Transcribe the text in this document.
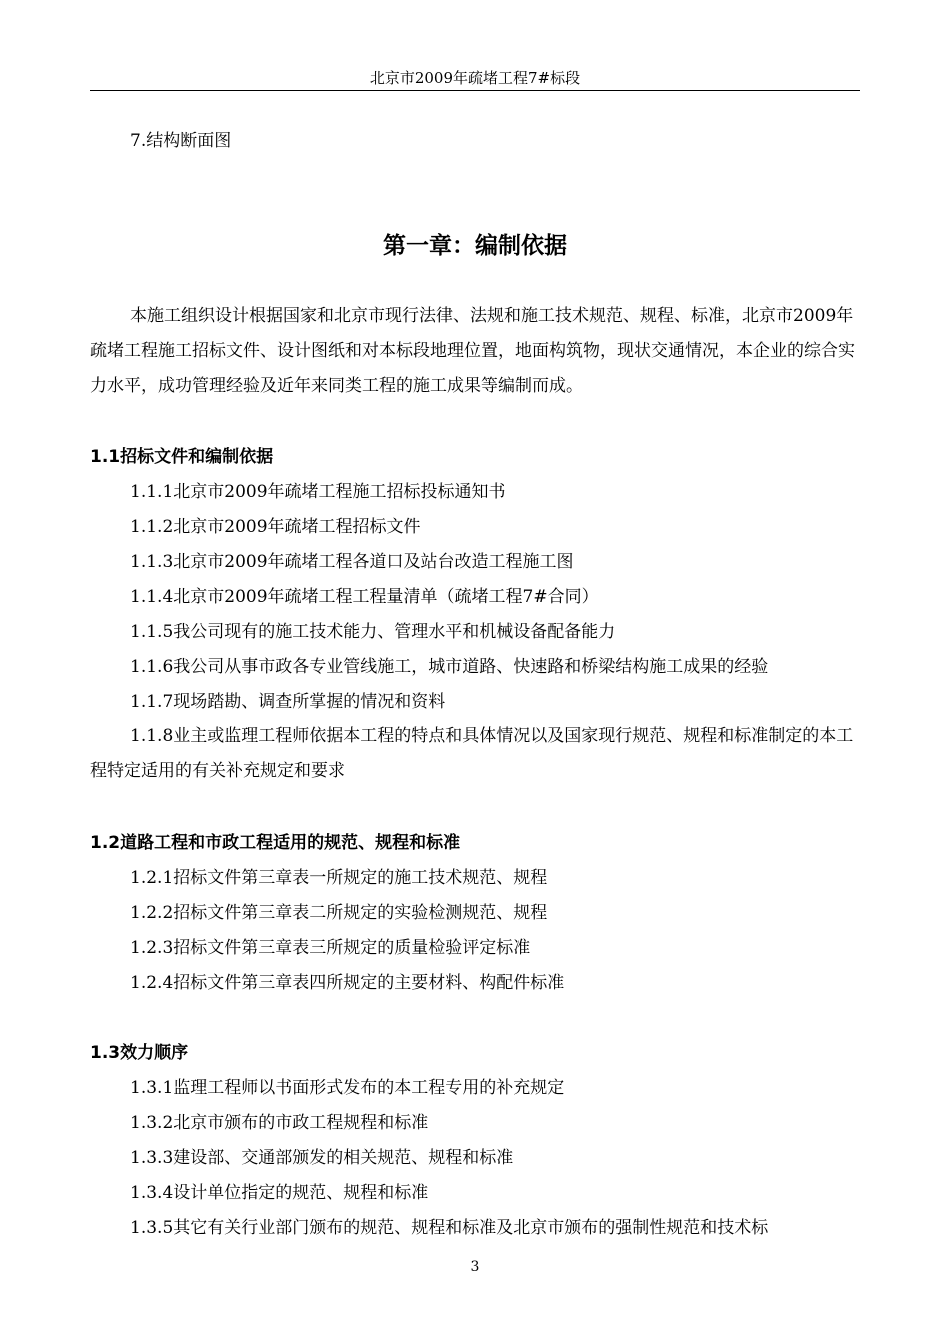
北京市2009年疏堵工程7#标段
7.结构断面图
第一章：编制依据
本施工组织设计根据国家和北京市现行法律、法规和施工技术规范、规程、标准，北京市2009年疏堵工程施工招标文件、设计图纸和对本标段地理位置，地面构筑物，现状交通情况，本企业的综合实力水平，成功管理经验及近年来同类工程的施工成果等编制而成。
1.1招标文件和编制依据
1.1.1北京市2009年疏堵工程施工招标投标通知书
1.1.2北京市2009年疏堵工程招标文件
1.1.3北京市2009年疏堵工程各道口及站台改造工程施工图
1.1.4北京市2009年疏堵工程工程量清单（疏堵工程7#合同）
1.1.5我公司现有的施工技术能力、管理水平和机械设备配备能力
1.1.6我公司从事市政各专业管线施工，城市道路、快速路和桥梁结构施工成果的经验
1.1.7现场踏勘、调查所掌握的情况和资料
1.1.8业主或监理工程师依据本工程的特点和具体情况以及国家现行规范、规程和标准制定的本工程特定适用的有关补充规定和要求
1.2道路工程和市政工程适用的规范、规程和标准
1.2.1招标文件第三章表一所规定的施工技术规范、规程
1.2.2招标文件第三章表二所规定的实验检测规范、规程
1.2.3招标文件第三章表三所规定的质量检验评定标准
1.2.4招标文件第三章表四所规定的主要材料、构配件标准
1.3效力顺序
1.3.1监理工程师以书面形式发布的本工程专用的补充规定
1.3.2北京市颁布的市政工程规程和标准
1.3.3建设部、交通部颁发的相关规范、规程和标准
1.3.4设计单位指定的规范、规程和标准
1.3.5其它有关行业部门颁布的规范、规程和标准及北京市颁布的强制性规范和技术标
3
